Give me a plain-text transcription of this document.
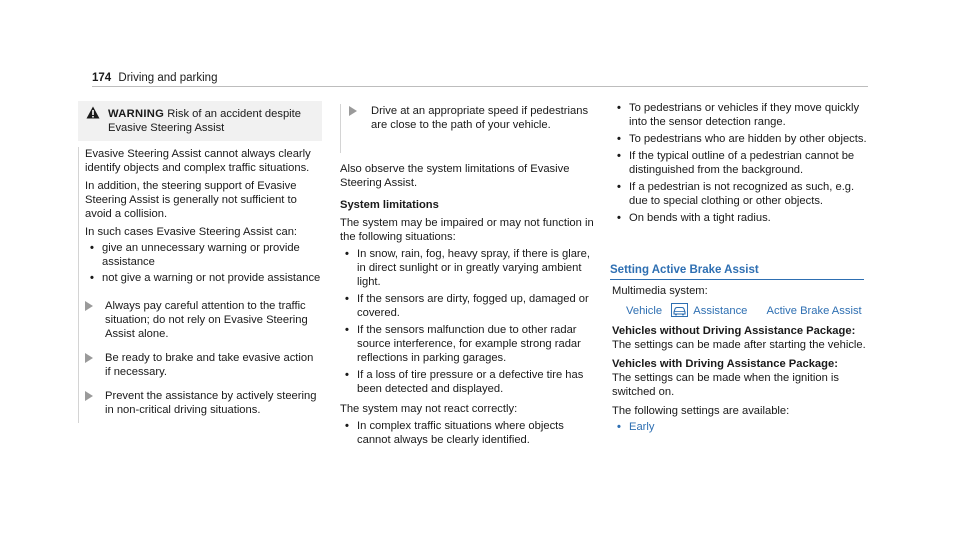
174 Driving and parking
WARNING Risk of an accident despite Evasive Steering Assist

Evasive Steering Assist cannot always clearly identify objects and complex traffic situations.

In addition, the steering support of Evasive Steering Assist is generally not sufficient to avoid a collision.

In such cases Evasive Steering Assist can:

• give an unnecessary warning or provide assistance
• not give a warning or not provide assistance
Always pay careful attention to the traffic situation; do not rely on Evasive Steering Assist alone.
Be ready to brake and take evasive action if necessary.
Prevent the assistance by actively steering in non-critical driving situations.
Drive at an appropriate speed if pedestrians are close to the path of your vehicle.

Also observe the system limitations of Evasive Steering Assist.

System limitations

The system may be impaired or may not function in the following situations:

• In snow, rain, fog, heavy spray, if there is glare, in direct sunlight or in greatly varying ambient light.
• If the sensors are dirty, fogged up, damaged or covered.
• If the sensors malfunction due to other radar source interference, for example strong radar reflections in parking garages.
• If a loss of tire pressure or a defective tire has been detected and displayed.

The system may not react correctly:

• In complex traffic situations where objects cannot always be clearly identified.
• To pedestrians or vehicles if they move quickly into the sensor detection range.
• To pedestrians who are hidden by other objects.
• If the typical outline of a pedestrian cannot be distinguished from the background.
• If a pedestrian is not recognized as such, e.g. due to special clothing or other objects.
• On bends with a tight radius.
Setting Active Brake Assist

Multimedia system:

Vehicle	Assistance Active Brake Assist

Vehicles without Driving Assistance Package: The settings can be made after starting the vehicle.

Vehicles with Driving Assistance Package:
The settings can be made when the ignition is switched on.

The following settings are available:

• Early
